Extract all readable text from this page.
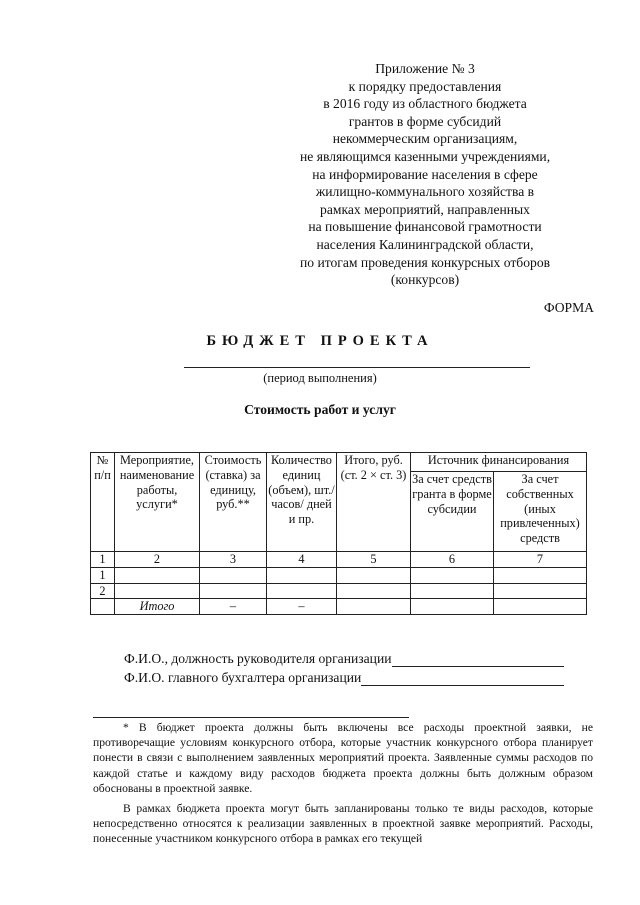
Приложение № 3
к порядку предоставления
в 2016 году из областного бюджета
грантов в форме субсидий
некоммерческим организациям,
не являющимся казенными учреждениями,
на информирование населения в сфере
жилищно-коммунального хозяйства в
рамках мероприятий, направленных
на повышение финансовой грамотности
населения Калининградской области,
по итогам проведения конкурсных отборов
(конкурсов)
ФОРМА
БЮДЖЕТ ПРОЕКТА
(период выполнения)
Стоимость работ и услуг
№ п/п	Мероприятие, наименование работы, услуги*	Стоимость (ставка) за единицу, руб.**	Количество единиц (объем), шт./часов/ дней и пр.	Итого, руб. (ст. 2 × ст. 3)	Источник финансирования	
					За счет средств гранта в форме субсидии	За счет собственных (иных привлеченных) средств
1	2	3	4	5	6	7
1						
2						
	Итого	–	–			
Ф.И.О., должность руководителя организации
Ф.И.О. главного бухгалтера организации

* В бюджет проекта должны быть включены все расходы проектной заявки, не противоречащие условиям конкурсного отбора, которые участник конкурсного отбора планирует понести в связи с выполнением заявленных мероприятий проекта. Заявленные суммы расходов по каждой статье и каждому виду расходов бюджета проекта должны быть должным образом обоснованы в проектной заявке.

В рамках бюджета проекта могут быть запланированы только те виды расходов, которые непосредственно относятся к реализации заявленных в проектной заявке мероприятий. Расходы, понесенные участником конкурсного отбора в рамках его текущей
